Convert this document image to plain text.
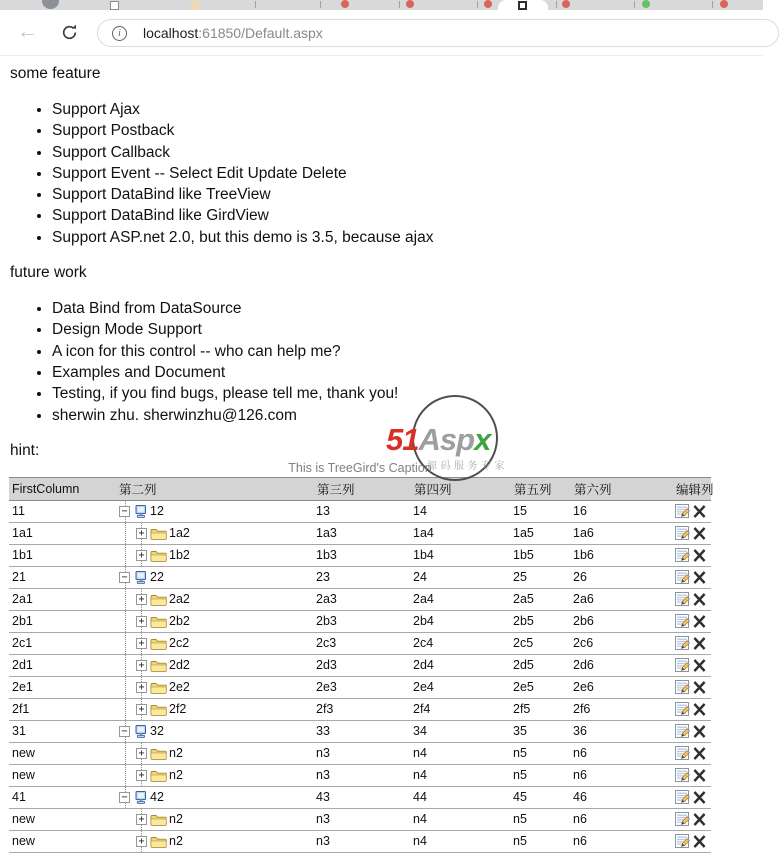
←	i	localhost:61850/Default.aspx
51Aspx
源码服务专家

some feature

• Support Ajax
• Support Postback
• Support Callback
• Support Event -- Select Edit Update Delete
• Support DataBind like TreeView
• Support DataBind like GirdView
• Support ASP.net 2.0, but this demo is 3.5, because ajax

future work

• Data Bind from DataSource
• Design Mode Support
• A icon for this control -- who can help me?
• Examples and Document
• Testing, if you find bugs, please tell me, thank you!
• sherwin zhu. sherwinzhu@126.com

hint:

This is TreeGird's Caption
FirstColumn	第二列	第三列	第四列	第五列	第六列	编辑列
11	− 12	13	14	15	16	

1a1	+ 1a2	1a3	1a4	1a5	1a6	

1b1	+ 1b2	1b3	1b4	1b5	1b6	

21	− 22	23	24	25	26	

2a1	+ 2a2	2a3	2a4	2a5	2a6	

2b1	+ 2b2	2b3	2b4	2b5	2b6	

2c1	+ 2c2	2c3	2c4	2c5	2c6	

2d1	+ 2d2	2d3	2d4	2d5	2d6	

2e1	+ 2e2	2e3	2e4	2e5	2e6	

2f1	+ 2f2	2f3	2f4	2f5	2f6	

31	− 32	33	34	35	36	

new	+ n2	n3	n4	n5	n6	

new	+ n2	n3	n4	n5	n6	

41	− 42	43	44	45	46	

new	+ n2	n3	n4	n5	n6	

new	+ n2	n3	n4	n5	n6	
